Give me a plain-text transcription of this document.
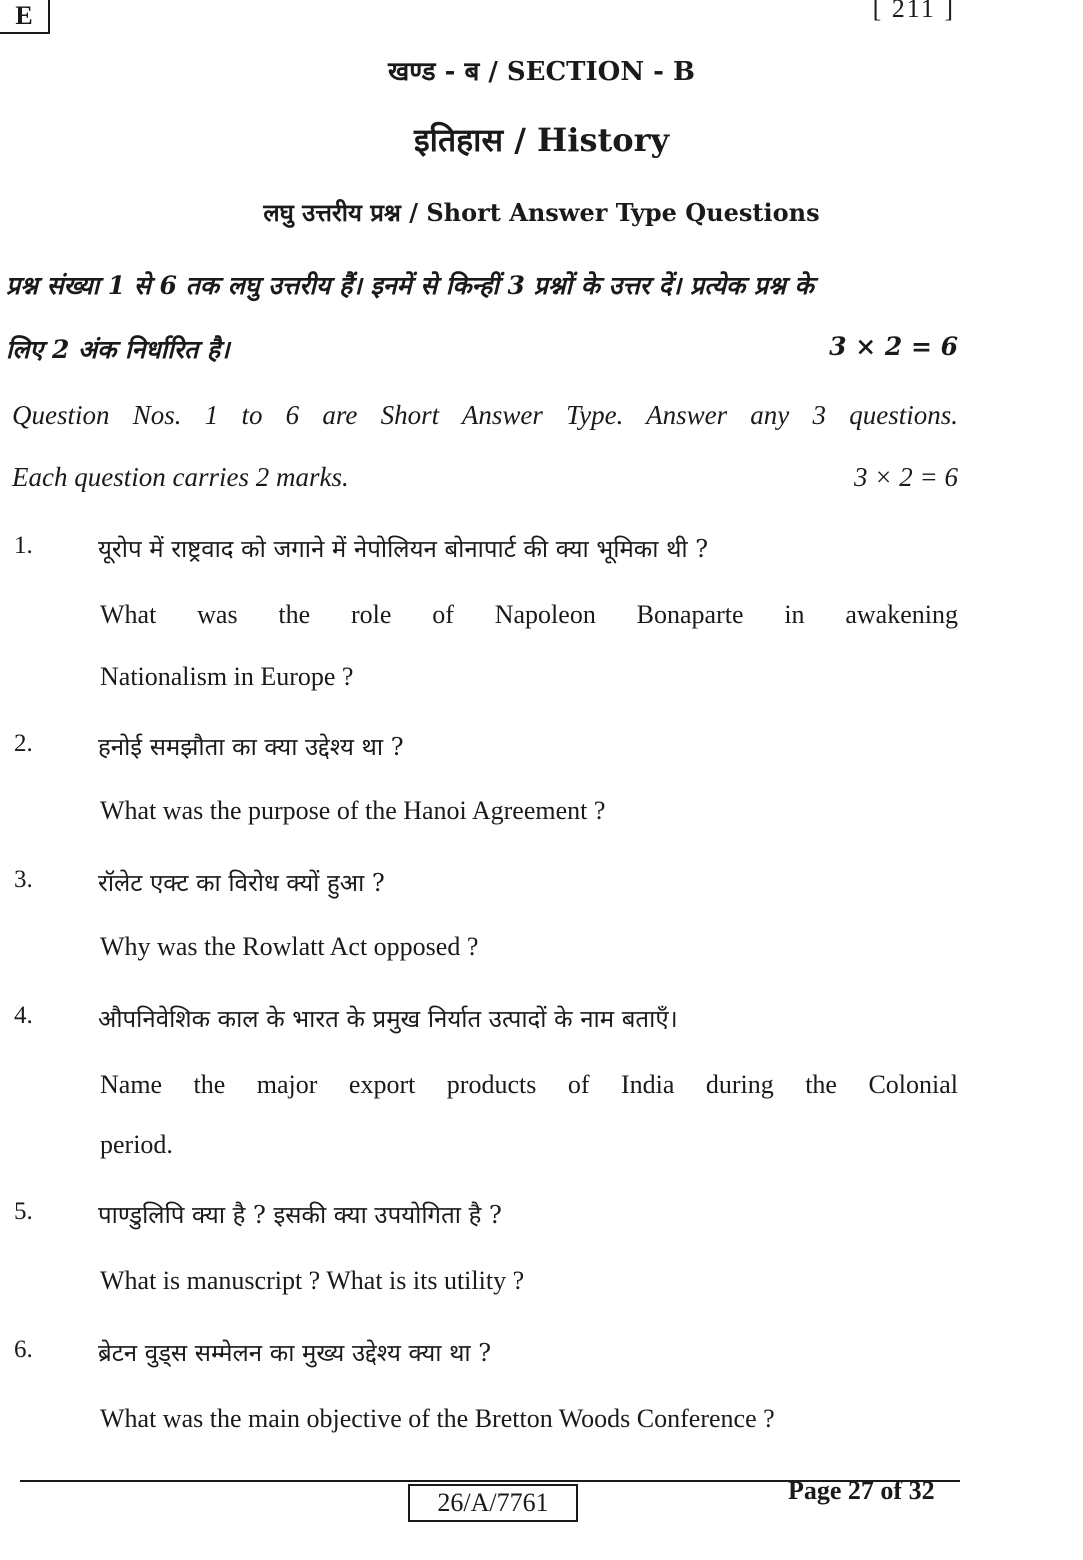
E	[ 211 ]
खण्ड - ब / SECTION - B
इतिहास / History
लघु उत्तरीय प्रश्न / Short Answer Type Questions
प्रश्न संख्या 1 से 6 तक लघु उत्तरीय हैं। इनमें से किन्हीं 3 प्रश्नों के उत्तर दें। प्रत्येक प्रश्न के
लिए 2 अंक निर्धारित है।	3 × 2 = 6
Question Nos. 1 to 6 are Short Answer Type. Answer any 3 questions.
Each question carries 2 marks.	3 × 2 = 6
1.	यूरोप में राष्ट्रवाद को जगाने में नेपोलियन बोनापार्ट की क्या भूमिका थी ?
What was the role of Napoleon Bonaparte in awakening
Nationalism in Europe ?
2.	हनोई समझौता का क्या उद्देश्य था ?
What was the purpose of the Hanoi Agreement ?
3.	रॉलेट एक्ट का विरोध क्यों हुआ ?
Why was the Rowlatt Act opposed ?
4.	औपनिवेशिक काल के भारत के प्रमुख निर्यात उत्पादों के नाम बताएँ।
Name the major export products of India during the Colonial
period.
5.	पाण्डुलिपि क्या है ? इसकी क्या उपयोगिता है ?
What is manuscript ? What is its utility ?
6.	ब्रेटन वुड्स सम्मेलन का मुख्य उद्देश्य क्या था ?
What was the main objective of the Bretton Woods Conference ?
26/A/7761	Page 27 of 32
